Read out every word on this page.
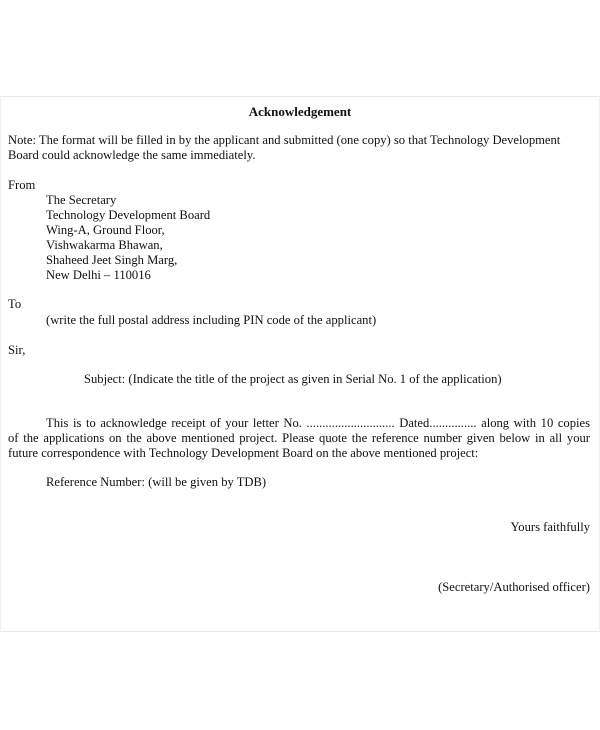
Acknowledgement
Note: The format will be filled in by the applicant and submitted (one copy) so that Technology Development
Board could acknowledge the same immediately.
From
The Secretary
Technology Development Board
Wing-A, Ground Floor,
Vishwakarma Bhawan,
Shaheed Jeet Singh Marg,
New Delhi – 110016
To
(write the full postal address including PIN code of the applicant)
Sir,
Subject: (Indicate the title of the project as given in Serial No. 1 of the application)
This is to acknowledge receipt of your letter No. ............................ Dated............... along with 10 copies
of the applications on the above mentioned project. Please quote the reference number given below in all your
future correspondence with Technology Development Board on the above mentioned project:
Reference Number: (will be given by TDB)
Yours faithfully
(Secretary/Authorised officer)
